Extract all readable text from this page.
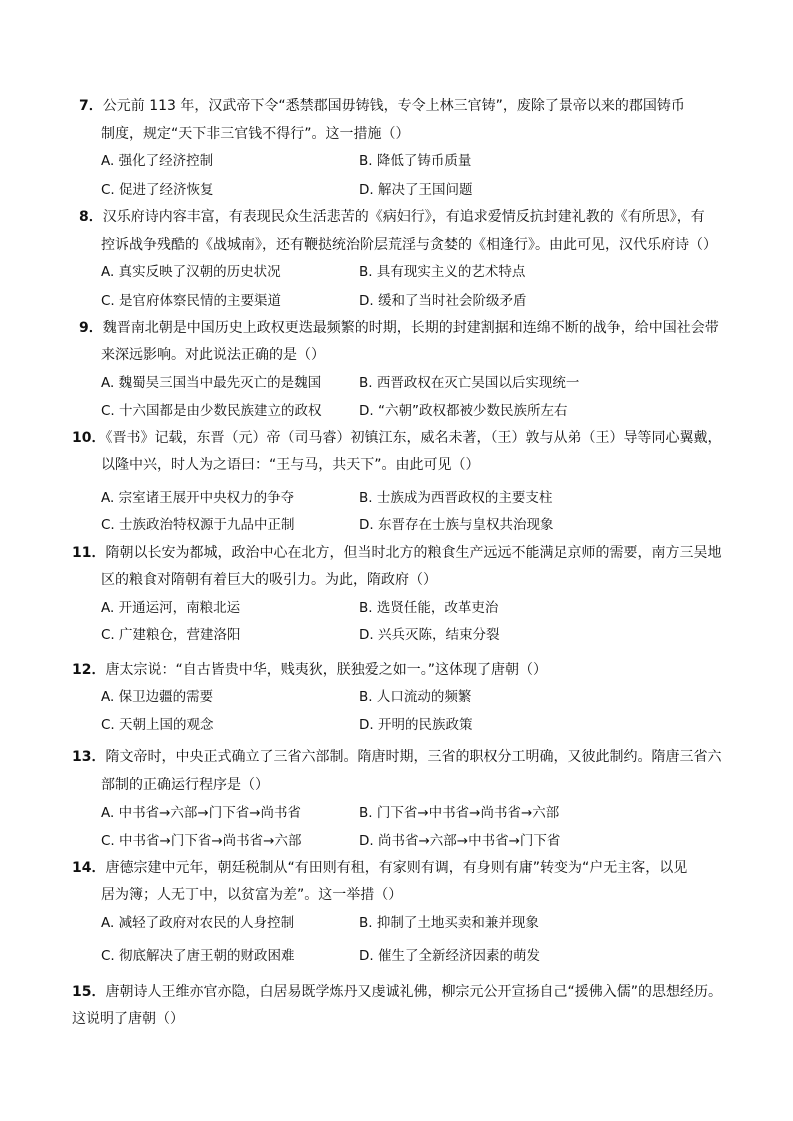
7．公元前 113 年，汉武帝下令“悉禁郡国毋铸钱，专令上林三官铸”，废除了景帝以来的郡国铸币
制度，规定“天下非三官钱不得行”。这一措施（）
A. 强化了经济控制	B. 降低了铸币质量
C. 促进了经济恢复	D. 解决了王国问题
8．汉乐府诗内容丰富，有表现民众生活悲苦的《病妇行》，有追求爱情反抗封建礼教的《有所思》，有
控诉战争残酷的《战城南》，还有鞭挞统治阶层荒淫与贪婪的《相逢行》。由此可见，汉代乐府诗（）
A. 真实反映了汉朝的历史状况	B. 具有现实主义的艺术特点
C. 是官府体察民情的主要渠道	D. 缓和了当时社会阶级矛盾
9．魏晋南北朝是中国历史上政权更迭最频繁的时期，长期的封建割据和连绵不断的战争，给中国社会带
来深远影响。对此说法正确的是（）
A. 魏蜀吴三国当中最先灭亡的是魏国	B. 西晋政权在灭亡吴国以后实现统一
C. 十六国都是由少数民族建立的政权	D. “六朝”政权都被少数民族所左右
10．《晋书》记载，东晋（元）帝（司马睿）初镇江东，威名未著，（王）敦与从弟（王）导等同心翼戴，
以隆中兴，时人为之语曰：“王与马，共天下”。由此可见（）
A. 宗室诸王展开中央权力的争夺	B. 士族成为西晋政权的主要支柱
C. 士族政治特权源于九品中正制	D. 东晋存在士族与皇权共治现象
11．隋朝以长安为都城，政治中心在北方，但当时北方的粮食生产远远不能满足京师的需要，南方三吴地
区的粮食对隋朝有着巨大的吸引力。为此，隋政府（）
A. 开通运河，南粮北运	B. 选贤任能，改革吏治
C. 广建粮仓，营建洛阳	D. 兴兵灭陈，结束分裂
12．唐太宗说：“自古皆贵中华，贱夷狄，朕独爱之如一。”这体现了唐朝（）
A. 保卫边疆的需要	B. 人口流动的频繁
C. 天朝上国的观念	D. 开明的民族政策
13．隋文帝时，中央正式确立了三省六部制。隋唐时期，三省的职权分工明确，又彼此制约。隋唐三省六
部制的正确运行程序是（）
A. 中书省→六部→门下省→尚书省	B. 门下省→中书省→尚书省→六部
C. 中书省→门下省→尚书省→六部	D. 尚书省→六部→中书省→门下省
14．唐德宗建中元年，朝廷税制从“有田则有租，有家则有调，有身则有庸”转变为“户无主客，以见
居为簿；人无丁中，以贫富为差”。这一举措（）
A. 减轻了政府对农民的人身控制	B. 抑制了土地买卖和兼并现象
C. 彻底解决了唐王朝的财政困难	D. 催生了全新经济因素的萌发
15．唐朝诗人王维亦官亦隐，白居易既学炼丹又虔诚礼佛，柳宗元公开宣扬自己“援佛入儒”的思想经历。
这说明了唐朝（）
